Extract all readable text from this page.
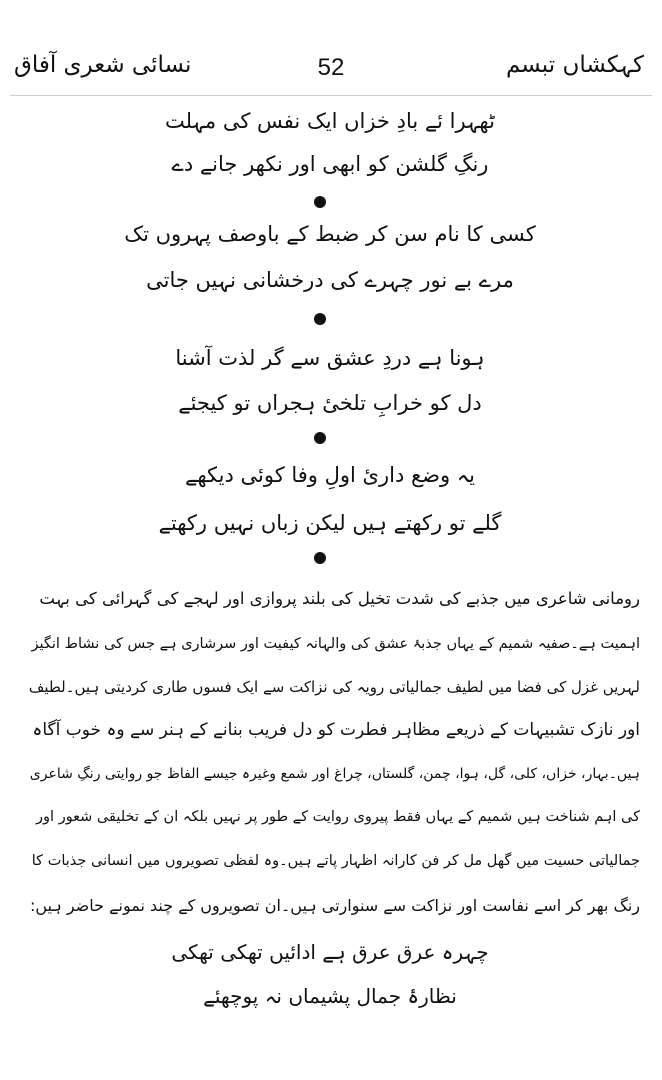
نسائی شعری آفاق	52	کہکشاں تبسم
ٹھہرا ئے بادِ خزاں ایک نفس کی مہلت
رنگِ گلشن کو ابھی اور نکھر جانے دے
کسی کا نام سن کر ضبط کے باوصف پہروں تک
مرے بے نور چہرے کی درخشانی نہیں جاتی
ہونا ہے دردِ عشق سے گر لذت آشنا
دل کو خرابِ تلخیٔ ہجراں تو کیجئے
یہ وضع داریٔ اولِ وفا کوئی دیکھے
گلے تو رکھتے ہیں لیکن زباں نہیں رکھتے
رومانی شاعری میں جذبے کی شدت تخیل کی بلند پروازی اور لہجے کی گہرائی کی بہت
اہمیت ہے۔صفیہ شمیم کے یہاں جذبۂ عشق کی والہانہ کیفیت اور سرشاری ہے جس کی نشاط انگیز
لہریں غزل کی فضا میں لطیف جمالیاتی رویہ کی نزاکت سے ایک فسوں طاری کردیتی ہیں۔لطیف
اور نازک تشبیہات کے ذریعے مظاہر فطرت کو دل فریب بنانے کے ہنر سے وہ خوب آگاہ
ہیں۔بہار، خزاں، کلی، گل، ہوا، چمن، گلستاں، چراغ اور شمع وغیرہ جیسے الفاظ جو روایتی رنگِ شاعری
کی اہم شناخت ہیں شمیم کے یہاں فقط پیروی روایت کے طور پر نہیں بلکہ ان کے تخلیقی شعور اور
جمالیاتی حسیت میں گھل مل کر فن کارانہ اظہار پاتے ہیں۔وہ لفظی تصویروں میں انسانی جذبات کا
رنگ بھر کر اسے نفاست اور نزاکت سے سنوارتی ہیں۔ان تصویروں کے چند نمونے حاضر ہیں:
چہرہ عرق عرق ہے ادائیں تھکی تھکی
نظارۂ جمال پشیماں نہ پوچھئے
